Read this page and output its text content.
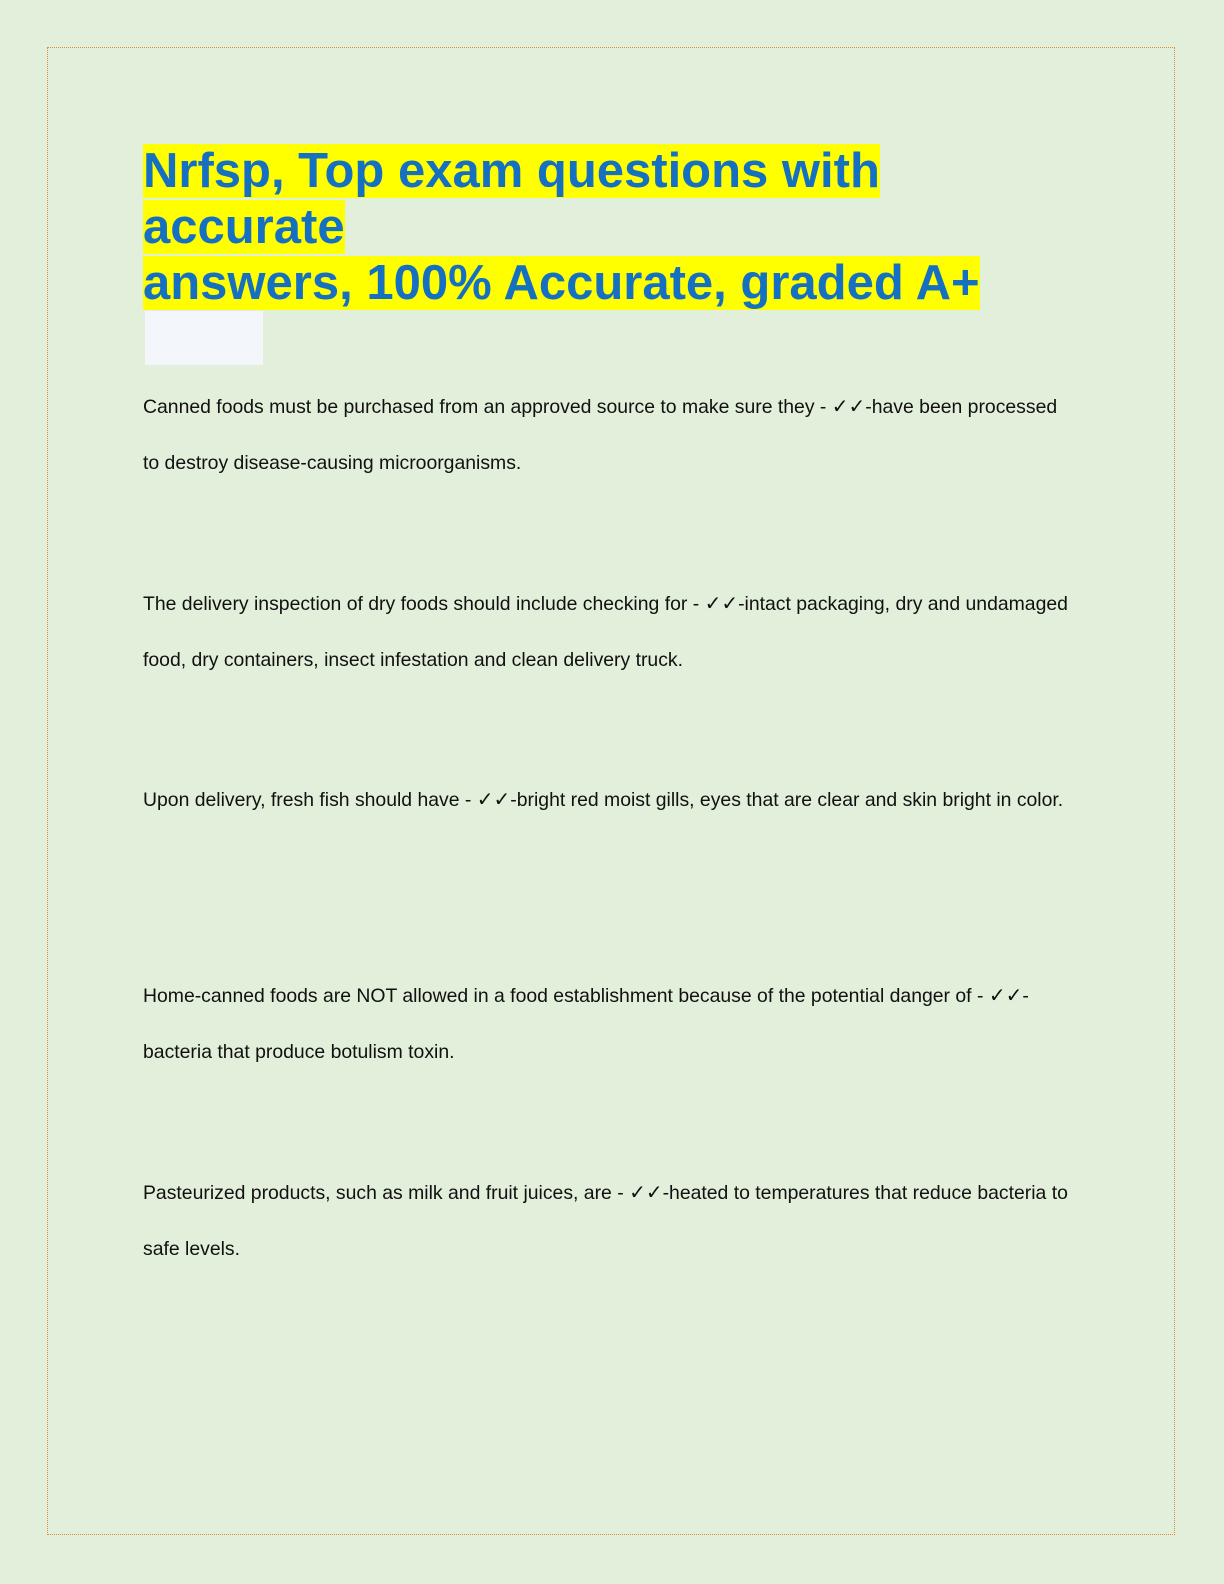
Nrfsp, Top exam questions with accurate
answers, 100% Accurate, graded A+

Canned foods must be purchased from an approved source to make sure they - ✓✓-have been processed to destroy disease-causing microorganisms.

The delivery inspection of dry foods should include checking for - ✓✓-intact packaging, dry and undamaged food, dry containers, insect infestation and clean delivery truck.

Upon delivery, fresh fish should have - ✓✓-bright red moist gills, eyes that are clear and skin bright in color.

Home-canned foods are NOT allowed in a food establishment because of the potential danger of - ✓✓- bacteria that produce botulism toxin.

Pasteurized products, such as milk and fruit juices, are - ✓✓-heated to temperatures that reduce bacteria to safe levels.
